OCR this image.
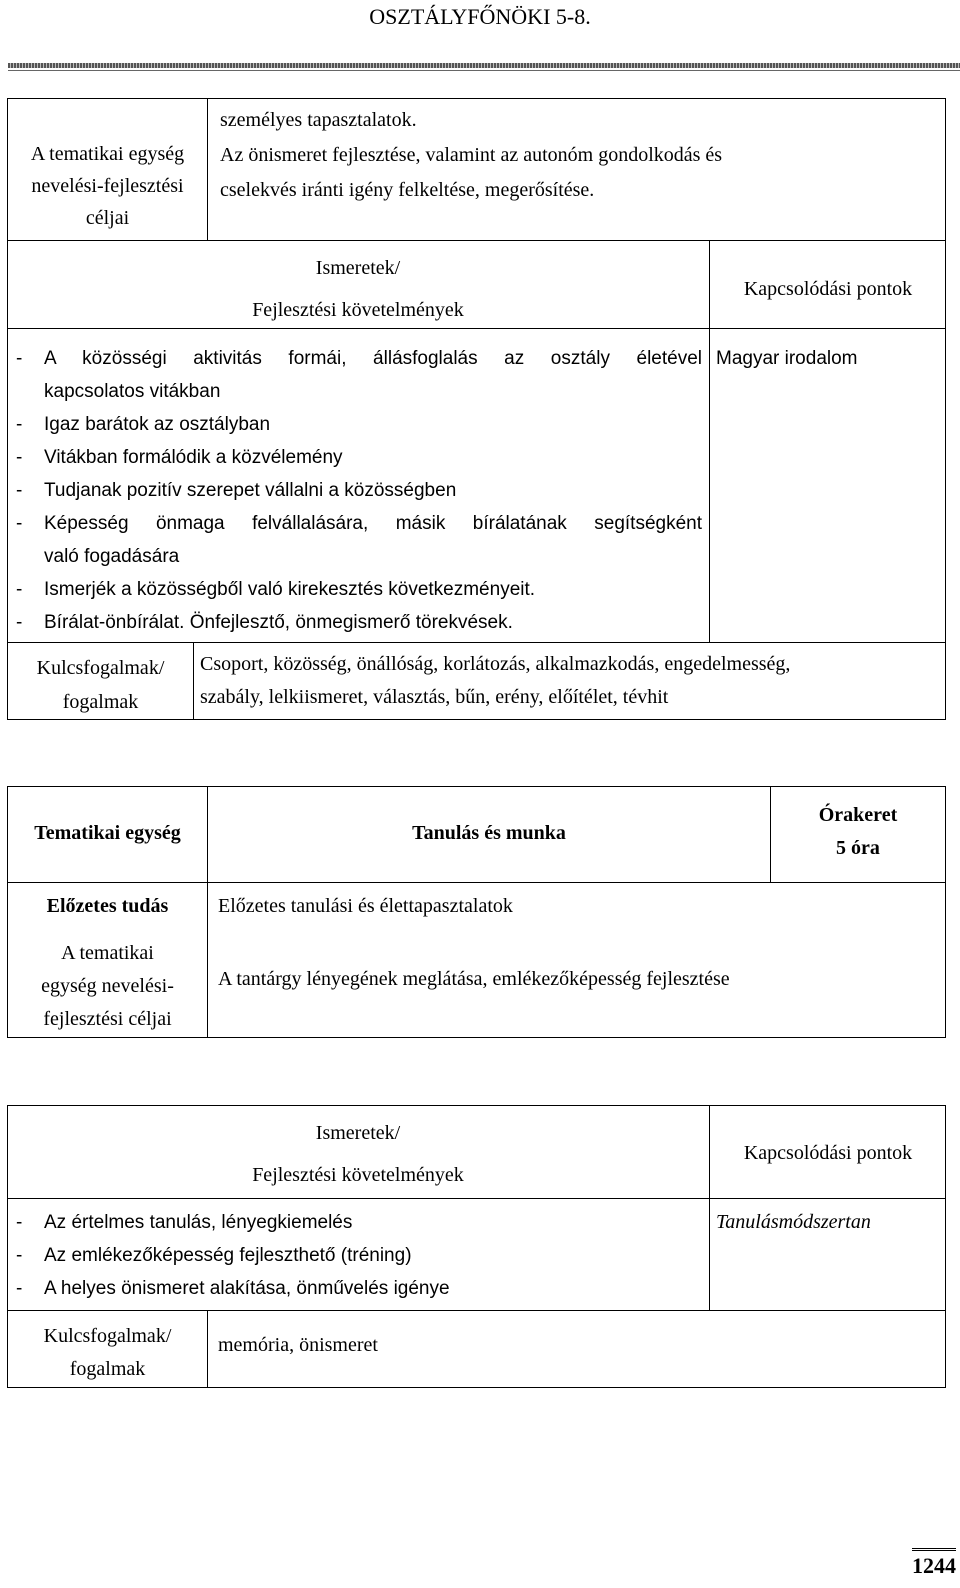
OSZTÁLYFŐNÖKI 5-8.
A tematikai egység nevelési-fejlesztési céljai
személyes tapasztalatok.
Az önismeret fejlesztése, valamint az autonóm gondolkodás és
cselekvés iránti igény felkeltése, megerősítése.
Ismeretek/
Fejlesztési követelmények
Kapcsolódási pontok
- A közösségi aktivitás formái, állásfoglalás az osztály életével
kapcsolatos vitákban
- Igaz barátok az osztályban
- Vitákban formálódik a közvélemény
- Tudjanak pozitív szerepet vállalni a közösségben
- Képesség önmaga felvállalására, másik bírálatának segítségként
való fogadására
- Ismerjék a közösségből való kirekesztés következményeit.
- Bírálat-önbírálat. Önfejlesztő, önmegismerő törekvések.
Magyar irodalom
Kulcsfogalmak/
fogalmak
Csoport, közösség, önállóság, korlátozás, alkalmazkodás, engedelmesség,
szabály, lelkiismeret, választás, bűn, erény, előítélet, tévhit
Tematikai egység	Tanulás és munka
Órakeret
5 óra
Előzetes tudás	Előzetes tanulási és élettapasztalatok
A tematikai
egység nevelési-
fejlesztési céljai
A tantárgy lényegének meglátása, emlékezőképesség fejlesztése
Ismeretek/
Fejlesztési követelmények
Kapcsolódási pontok
- Az értelmes tanulás, lényegkiemelés
- Az emlékezőképesség fejleszthető (tréning)
- A helyes önismeret alakítása, önművelés igénye
Tanulásmódszertan
Kulcsfogalmak/
fogalmak
memória, önismeret
1244
